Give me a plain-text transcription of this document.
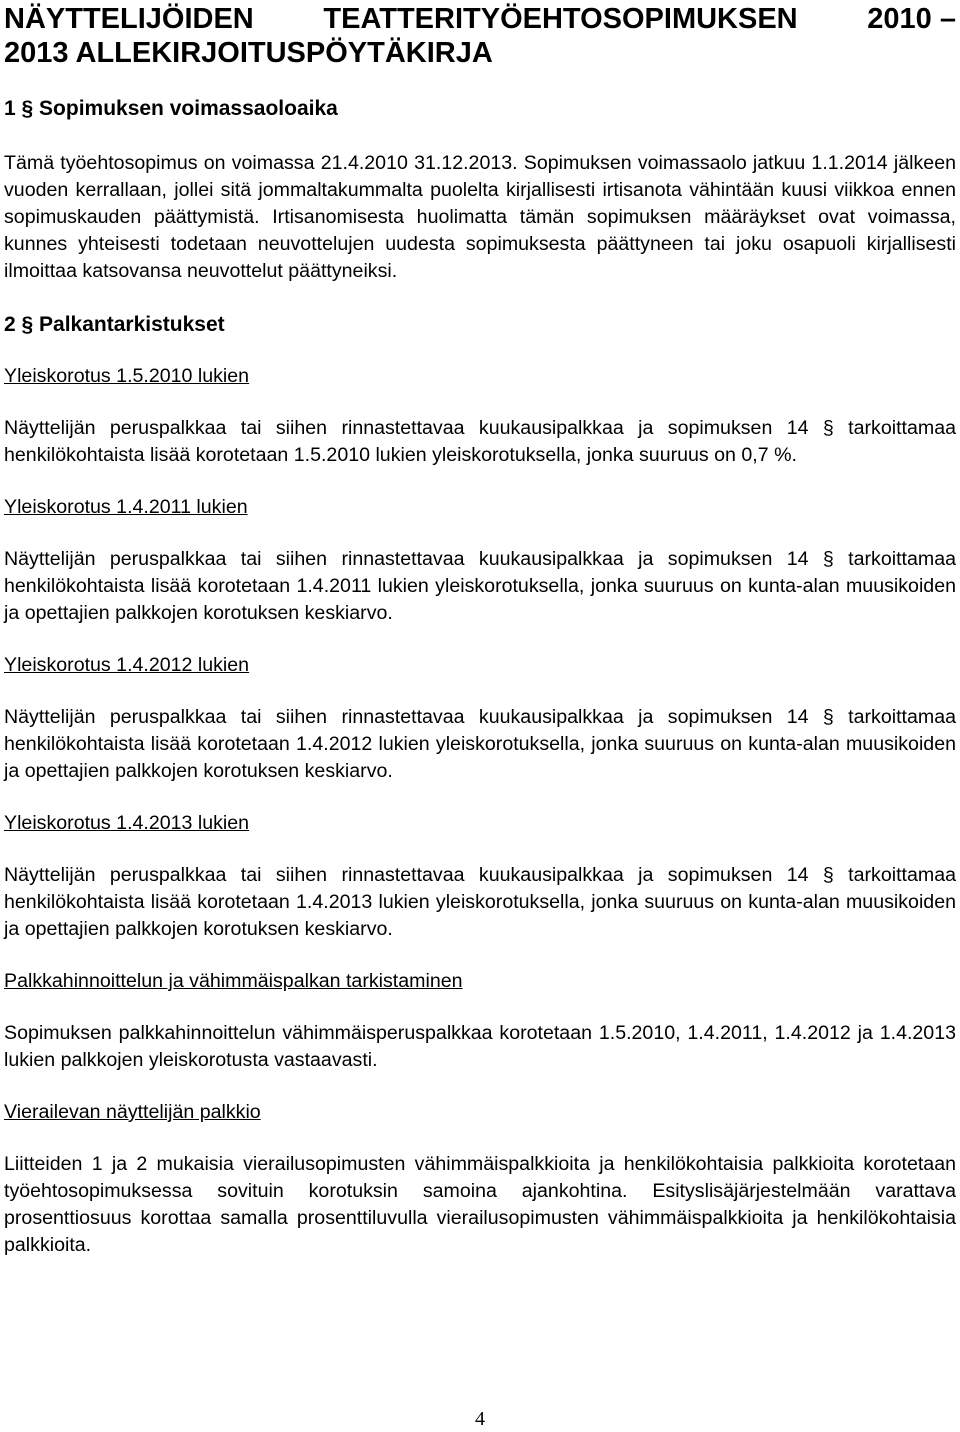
NÄYTTELIJÖIDEN TEATTERITYÖEHTOSOPIMUKSEN 2010 –
2013 ALLEKIRJOITUSPÖYTÄKIRJA
1 § Sopimuksen voimassaoloaika
Tämä työehtosopimus on voimassa 21.4.2010 31.12.2013. Sopimuksen voimassaolo jatkuu 1.1.2014 jälkeen vuoden kerrallaan, jollei sitä jommaltakummalta puolelta kirjallisesti irtisanota vähintään kuusi viikkoa ennen sopimuskauden päättymistä. Irtisanomisesta huolimatta tämän sopimuksen määräykset ovat voimassa, kunnes yhteisesti todetaan neuvottelujen uudesta sopimuksesta päättyneen tai joku osapuoli kirjallisesti ilmoittaa katsovansa neuvottelut päättyneiksi.
2 § Palkantarkistukset
Yleiskorotus 1.5.2010 lukien
Näyttelijän peruspalkkaa tai siihen rinnastettavaa kuukausipalkkaa ja sopimuksen 14 § tarkoittamaa henkilökohtaista lisää korotetaan 1.5.2010 lukien yleiskorotuksella, jonka suuruus on 0,7 %.
Yleiskorotus 1.4.2011 lukien
Näyttelijän peruspalkkaa tai siihen rinnastettavaa kuukausipalkkaa ja sopimuksen 14 § tarkoittamaa henkilökohtaista lisää korotetaan 1.4.2011 lukien yleiskorotuksella, jonka suuruus on kunta-alan muusikoiden ja opettajien palkkojen korotuksen keskiarvo.
Yleiskorotus 1.4.2012 lukien
Näyttelijän peruspalkkaa tai siihen rinnastettavaa kuukausipalkkaa ja sopimuksen 14 § tarkoittamaa henkilökohtaista lisää korotetaan 1.4.2012 lukien yleiskorotuksella, jonka suuruus on kunta-alan muusikoiden ja opettajien palkkojen korotuksen keskiarvo.
Yleiskorotus 1.4.2013 lukien
Näyttelijän peruspalkkaa tai siihen rinnastettavaa kuukausipalkkaa ja sopimuksen 14 § tarkoittamaa henkilökohtaista lisää korotetaan 1.4.2013 lukien yleiskorotuksella, jonka suuruus on kunta-alan muusikoiden ja opettajien palkkojen korotuksen keskiarvo.
Palkkahinnoittelun ja vähimmäispalkan tarkistaminen
Sopimuksen palkkahinnoittelun vähimmäisperuspalkkaa korotetaan 1.5.2010, 1.4.2011, 1.4.2012 ja 1.4.2013 lukien palkkojen yleiskorotusta vastaavasti.
Vierailevan näyttelijän palkkio
Liitteiden 1 ja 2 mukaisia vierailusopimusten vähimmäispalkkioita ja henkilökohtaisia palkkioita korotetaan työehtosopimuksessa sovituin korotuksin samoina ajankohtina. Esityslisäjärjestelmään varattava prosenttiosuus korottaa samalla prosenttiluvulla vierailusopimusten vähimmäispalkkioita ja henkilökohtaisia palkkioita.
4
